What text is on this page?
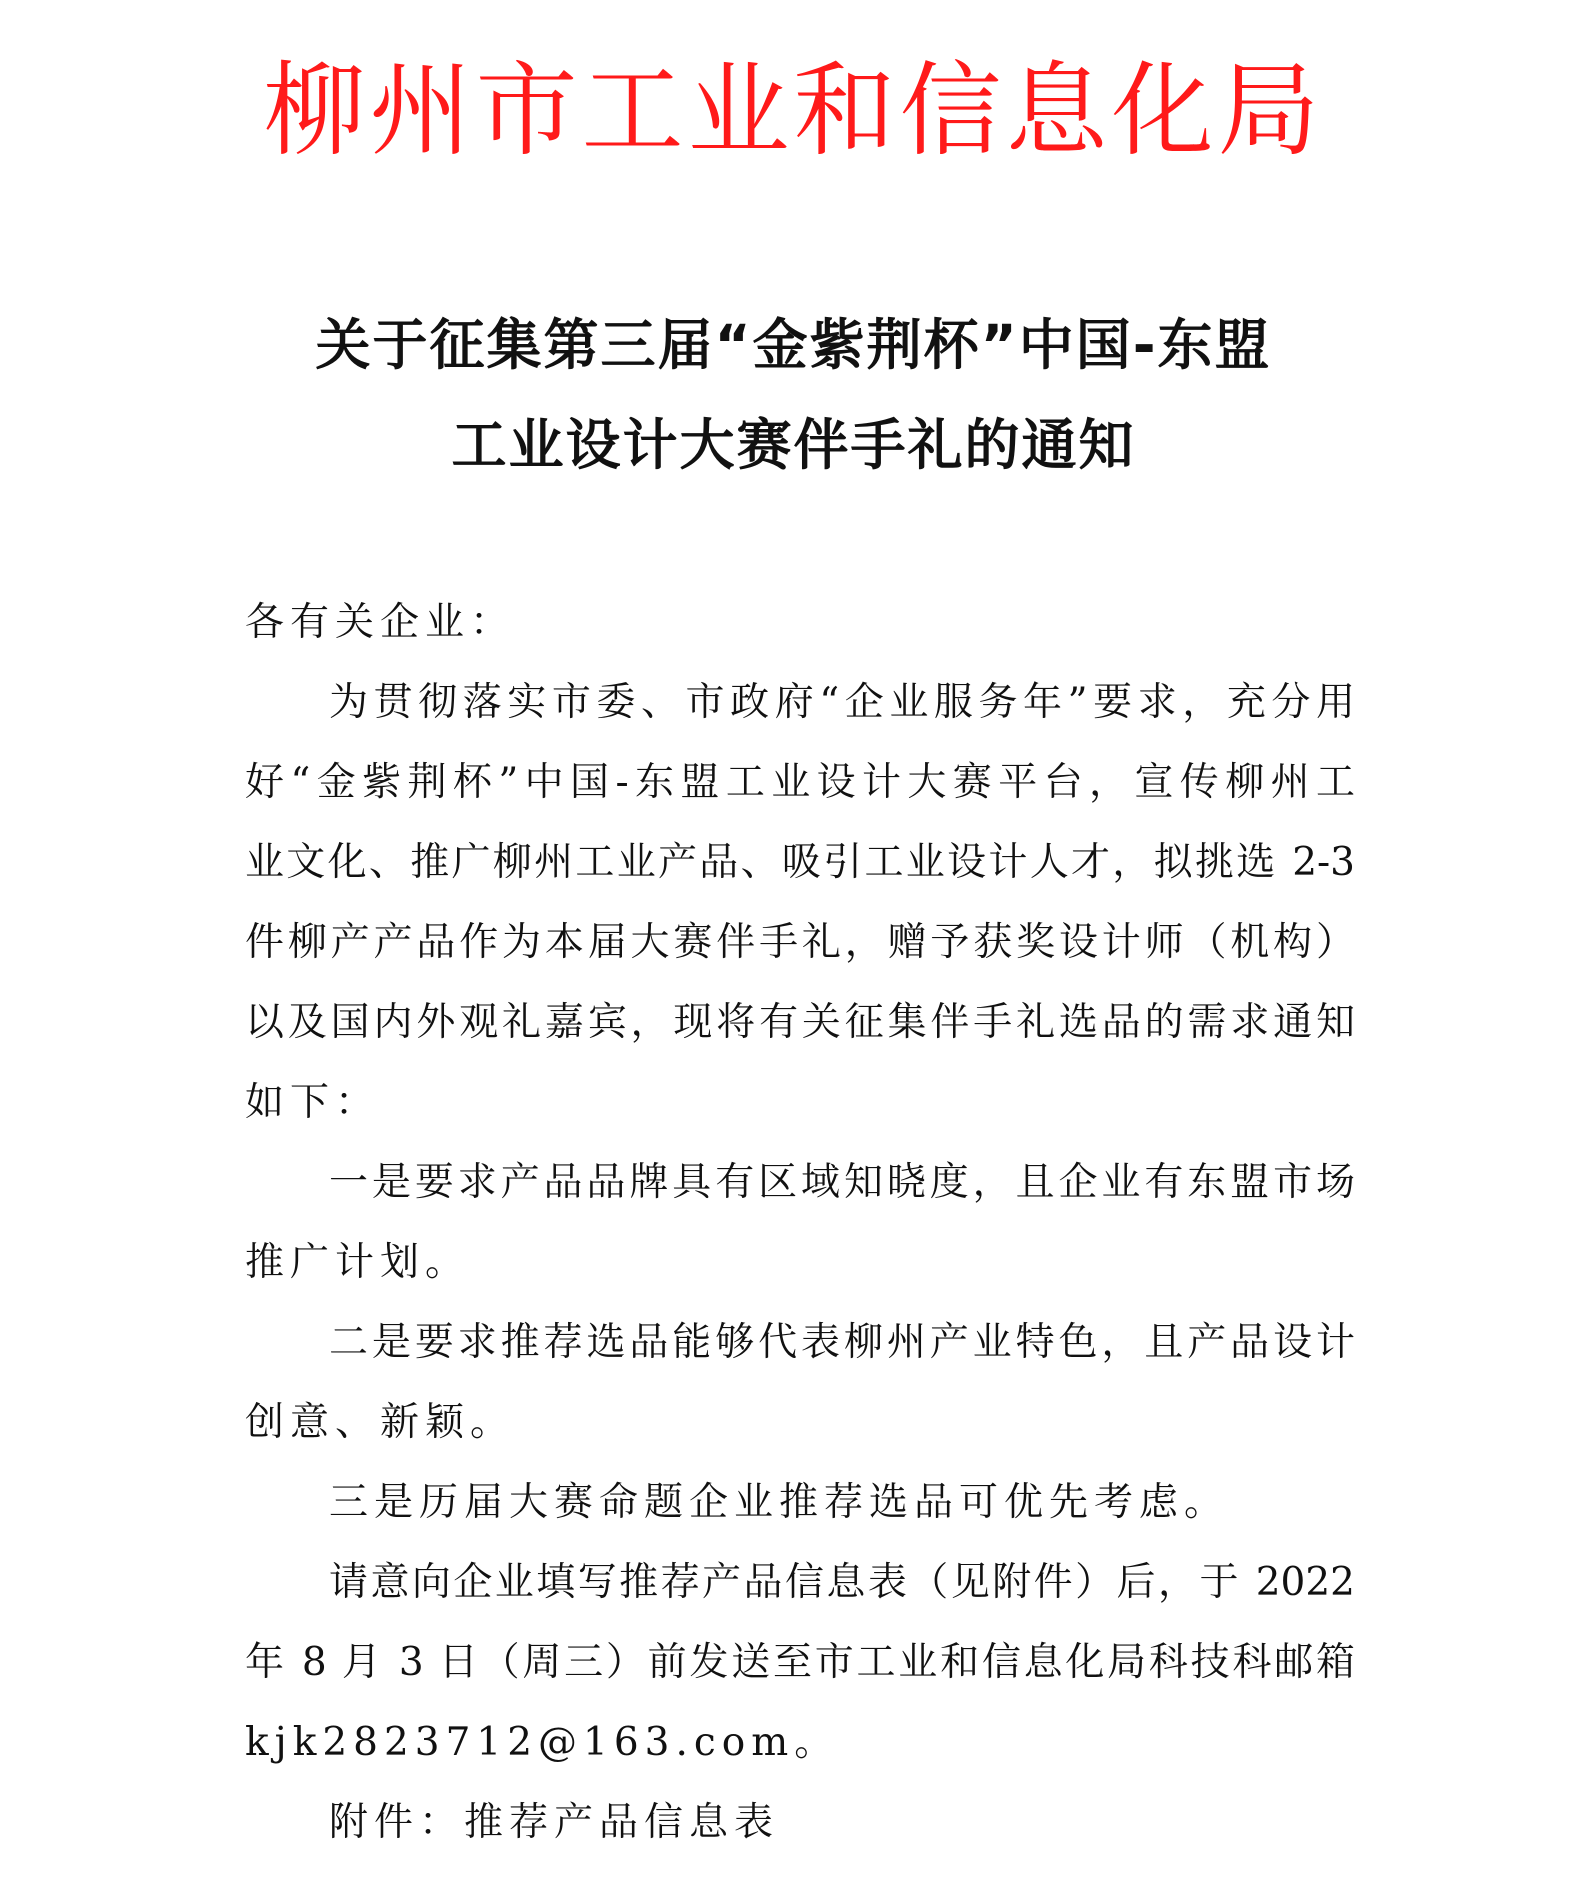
柳州市工业和信息化局
关于征集第三届“金紫荆杯”中国-东盟
工业设计大赛伴手礼的通知
各有关企业：
为贯彻落实市委、市政府“企业服务年”要求，充分用
好“金紫荆杯”中国-东盟工业设计大赛平台，宣传柳州工
业文化、推广柳州工业产品、吸引工业设计人才，拟挑选 2-3
件柳产产品作为本届大赛伴手礼，赠予获奖设计师（机构）
以及国内外观礼嘉宾，现将有关征集伴手礼选品的需求通知
如下：
一是要求产品品牌具有区域知晓度，且企业有东盟市场
推广计划。
二是要求推荐选品能够代表柳州产业特色，且产品设计
创意、新颖。
三是历届大赛命题企业推荐选品可优先考虑。
请意向企业填写推荐产品信息表（见附件）后，于 2022
年 8 月 3 日（周三）前发送至市工业和信息化局科技科邮箱
kjk2823712@163.com。
附件：推荐产品信息表
